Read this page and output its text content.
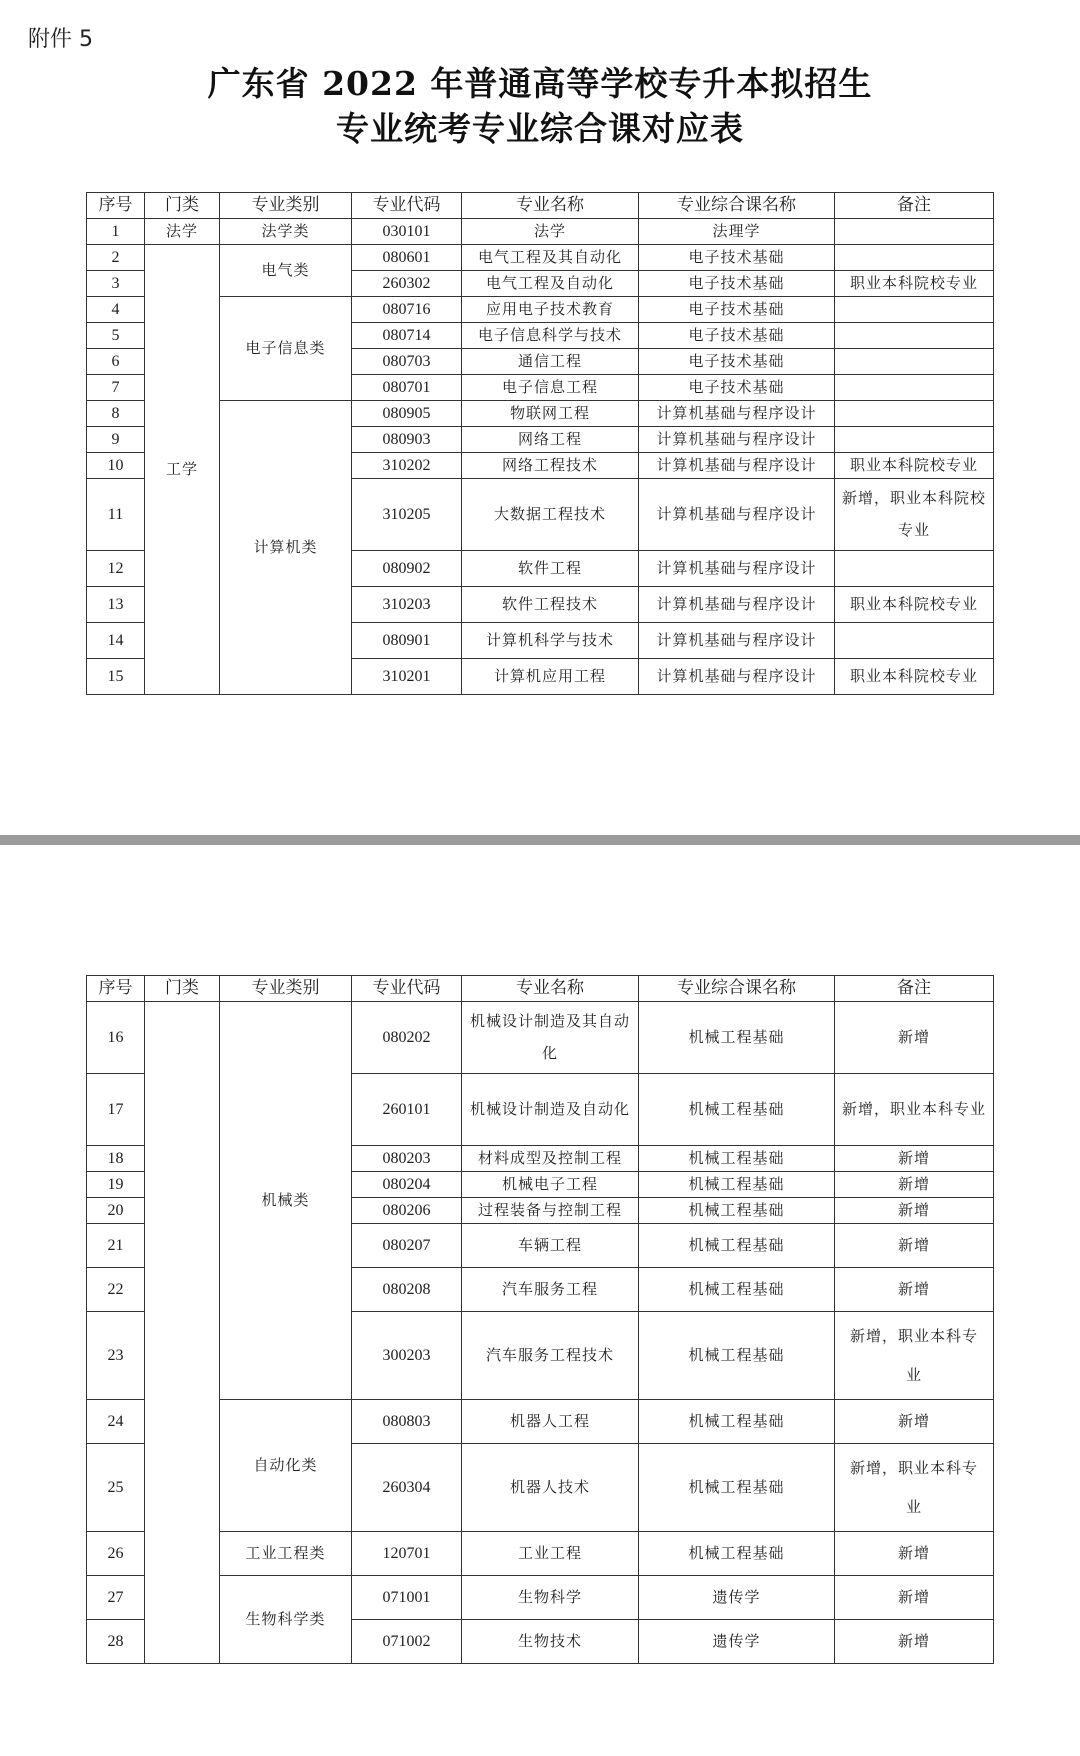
附件 5
广东省 2022 年普通高等学校专升本拟招生
专业统考专业综合课对应表
序号	门类	专业类别	专业代码	专业名称	专业综合课名称	备注
1	法学	法学类	030101	法学	法理学	
2	工学	电气类	080601	电气工程及其自动化	电子技术基础	
3			260302	电气工程及自动化	电子技术基础	职业本科院校专业
4		电子信息类	080716	应用电子技术教育	电子技术基础	
5			080714	电子信息科学与技术	电子技术基础	
6			080703	通信工程	电子技术基础	
7			080701	电子信息工程	电子技术基础	
8		计算机类	080905	物联网工程	计算机基础与程序设计	
9			080903	网络工程	计算机基础与程序设计	
10			310202	网络工程技术	计算机基础与程序设计	职业本科院校专业
11			310205	大数据工程技术	计算机基础与程序设计	新增，职业本科院校专业
12			080902	软件工程	计算机基础与程序设计	
13			310203	软件工程技术	计算机基础与程序设计	职业本科院校专业
14			080901	计算机科学与技术	计算机基础与程序设计	
15			310201	计算机应用工程	计算机基础与程序设计	职业本科院校专业
序号	门类	专业类别	专业代码	专业名称	专业综合课名称	备注
16		机械类	080202	机械设计制造及其自动化	机械工程基础	新增
17			260101	机械设计制造及自动化	机械工程基础	新增，职业本科专业
18			080203	材料成型及控制工程	机械工程基础	新增
19			080204	机械电子工程	机械工程基础	新增
20			080206	过程装备与控制工程	机械工程基础	新增
21			080207	车辆工程	机械工程基础	新增
22			080208	汽车服务工程	机械工程基础	新增
23			300203	汽车服务工程技术	机械工程基础	新增，职业本科专业
24		自动化类	080803	机器人工程	机械工程基础	新增
25			260304	机器人技术	机械工程基础	新增，职业本科专业
26		工业工程类	120701	工业工程	机械工程基础	新增
27		生物科学类	071001	生物科学	遗传学	新增
28			071002	生物技术	遗传学	新增
